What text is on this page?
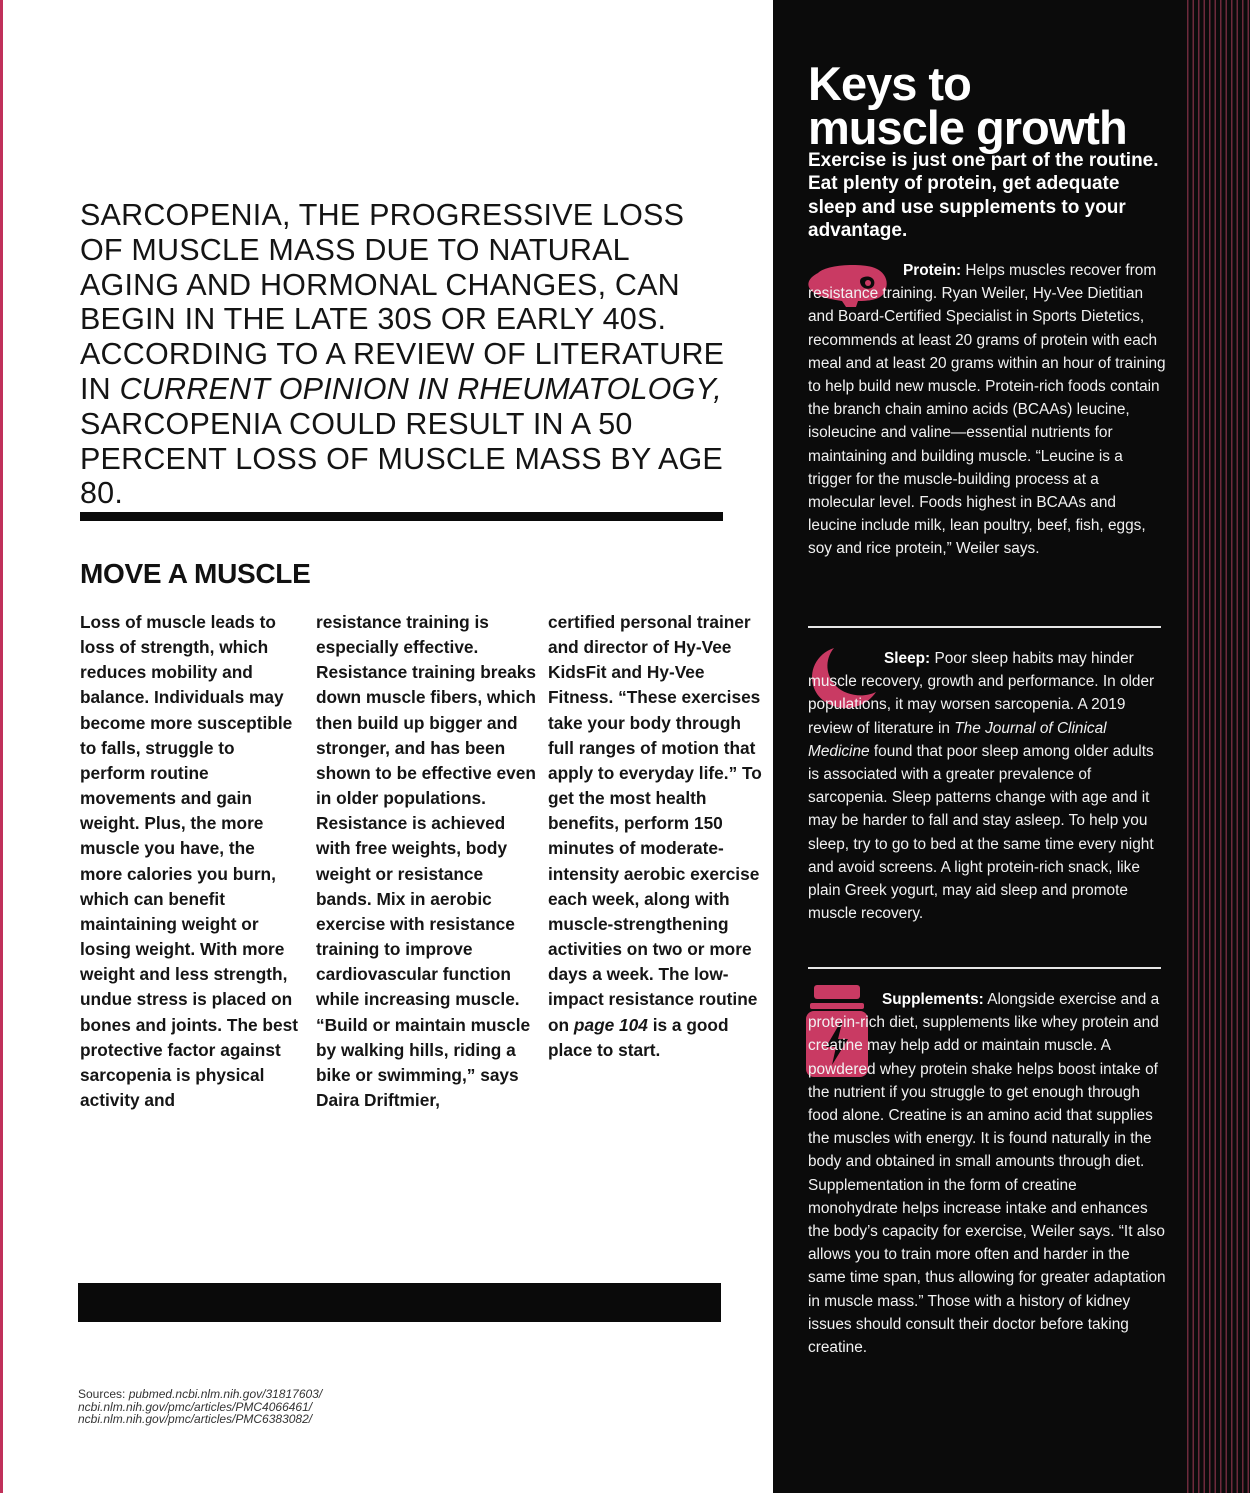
SARCOPENIA, THE PROGRESSIVE LOSS OF MUSCLE MASS DUE TO NATURAL AGING AND HORMONAL CHANGES, CAN BEGIN IN THE LATE 30S OR EARLY 40S. ACCORDING TO A REVIEW OF LITERATURE IN CURRENT OPINION IN RHEUMATOLOGY, SARCOPENIA COULD RESULT IN A 50 PERCENT LOSS OF MUSCLE MASS BY AGE 80.

MOVE A MUSCLE

Loss of muscle leads to loss of strength, which reduces mobility and balance. Individuals may become more susceptible to falls, struggle to perform routine movements and gain weight. Plus, the more muscle you have, the more calories you burn, which can benefit maintaining weight or losing weight. With more weight and less strength, undue stress is placed on bones and joints. The best protective factor against sarcopenia is physical activity and

resistance training is especially effective. Resistance training breaks down muscle fibers, which then build up bigger and stronger, and has been shown to be effective even in older populations. Resistance is achieved with free weights, body weight or resistance bands. Mix in aerobic exercise with resistance training to improve cardiovascular function while increasing muscle. “Build or maintain muscle by walking hills, riding a bike or swimming,” says Daira Driftmier,

certified personal trainer and director of Hy-Vee KidsFit and Hy-Vee Fitness. “These exercises take your body through full ranges of motion that apply to everyday life.” To get the most health benefits, perform 150 minutes of moderate-intensity aerobic exercise each week, along with muscle-strengthening activities on two or more days a week. The low-impact resistance routine on page 104 is a good place to start.

Sources: pubmed.ncbi.nlm.nih.gov/31817603/
ncbi.nlm.nih.gov/pmc/articles/PMC4066461/
ncbi.nlm.nih.gov/pmc/articles/PMC6383082/

Keys to
muscle growth

Exercise is just one part of the routine. Eat plenty of protein, get adequate sleep and use supplements to your advantage.

Protein: Helps muscles recover from resistance training. Ryan Weiler, Hy-Vee Dietitian and Board-Certified Specialist in Sports Dietetics, recommends at least 20 grams of protein with each meal and at least 20 grams within an hour of training to help build new muscle. Protein-rich foods contain the branch chain amino acids (BCAAs) leucine, isoleucine and valine—essential nutrients for maintaining and building muscle. “Leucine is a trigger for the muscle-building process at a molecular level. Foods highest in BCAAs and leucine include milk, lean poultry, beef, fish, eggs, soy and rice protein,” Weiler says.

Sleep: Poor sleep habits may hinder muscle recovery, growth and performance. In older populations, it may worsen sarcopenia. A 2019 review of literature in The Journal of Clinical Medicine found that poor sleep among older adults is associated with a greater prevalence of sarcopenia. Sleep patterns change with age and it may be harder to fall and stay asleep. To help you sleep, try to go to bed at the same time every night and avoid screens. A light protein-rich snack, like plain Greek yogurt, may aid sleep and promote muscle recovery.

Supplements: Alongside exercise and a protein-rich diet, supplements like whey protein and creatine may help add or maintain muscle. A powdered whey protein shake helps boost intake of the nutrient if you struggle to get enough through food alone. Creatine is an amino acid that supplies the muscles with energy. It is found naturally in the body and obtained in small amounts through diet. Supplementation in the form of creatine monohydrate helps increase intake and enhances the body’s capacity for exercise, Weiler says. “It also allows you to train more often and harder in the same time span, thus allowing for greater adaptation in muscle mass.” Those with a history of kidney issues should consult their doctor before taking creatine.
